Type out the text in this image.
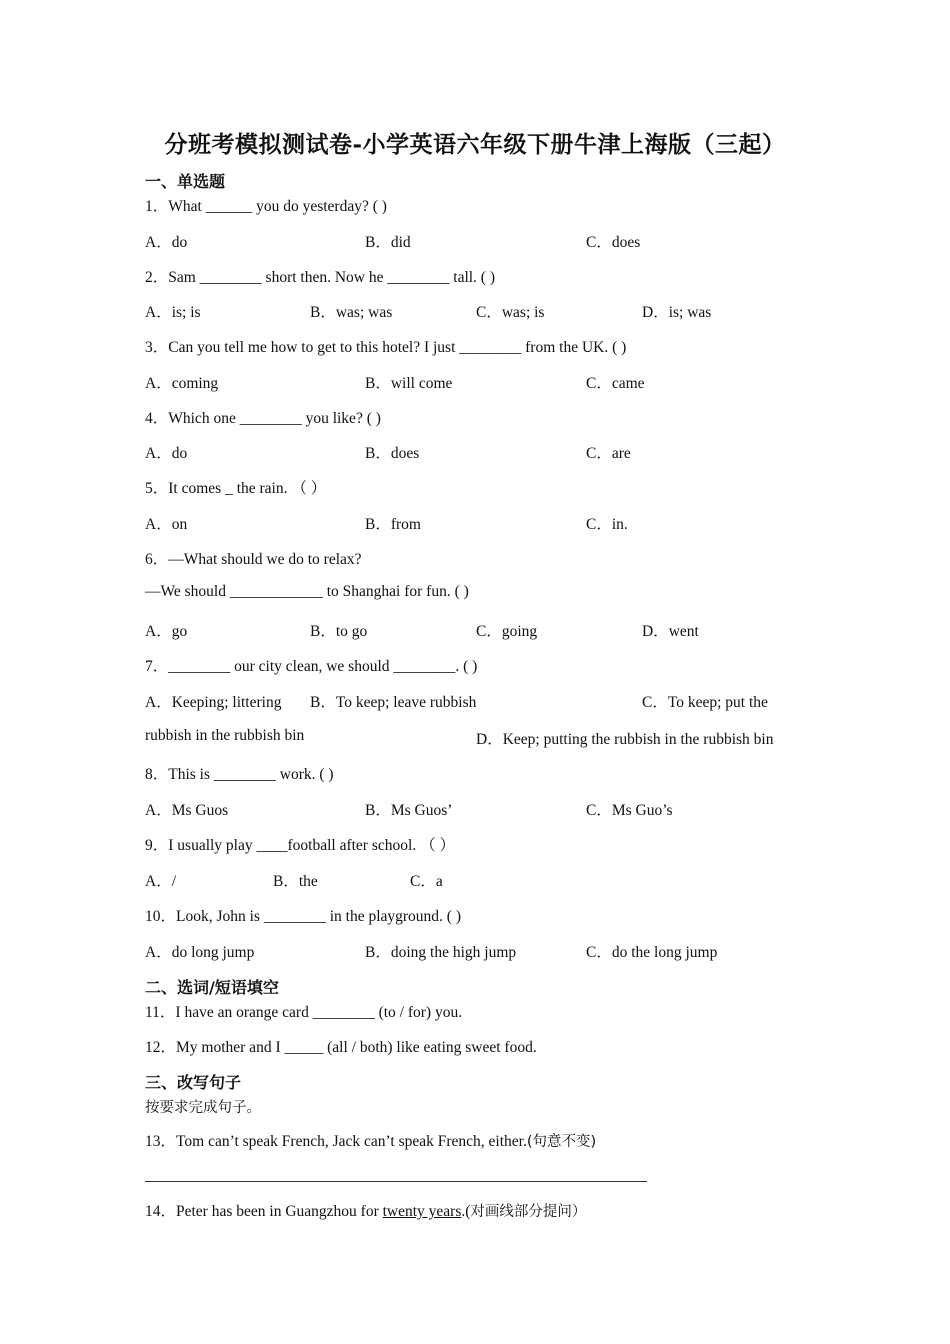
分班考模拟测试卷-小学英语六年级下册牛津上海版（三起）
一、单选题
1．What ______ you do yesterday? ( )
A．do	B．did	C．does
2．Sam ________ short then. Now he ________ tall. ( )
A．is; is	B．was; was	C．was; is	D．is; was
3．Can you tell me how to get to this hotel? I just ________ from the UK. ( )
A．coming	B．will come	C．came
4．Which one ________ you like? ( )
A．do	B．does	C．are
5．It comes _ the rain. （ ）
A．on	B．from	C．in.
6．—What should we do to relax?
—We should ____________ to Shanghai for fun. ( )
A．go	B．to go	C．going	D．went
7．________ our city clean, we should ________. ( )
A．Keeping; littering B．To keep; leave rubbish	C．To keep; put the
rubbish in the rubbish bin	D．Keep; putting the rubbish in the rubbish bin
8．This is ________ work. ( )
A．Ms Guos	B．Ms Guos’	C．Ms Guo’s
9．I usually play ____football after school. （ ）
A．/	B．the	C．a
10．Look, John is ________ in the playground. ( )
A．do long jump	B．doing the high jump	C．do the long jump
二、选词/短语填空
11．I have an orange card ________ (to / for) you.
12．My mother and I _____ (all / both) like eating sweet food.
三、改写句子
按要求完成句子。
13．Tom can’t speak French, Jack can’t speak French, either.(句意不变)
14．Peter has been in Guangzhou for twenty years.(对画线部分提问）
